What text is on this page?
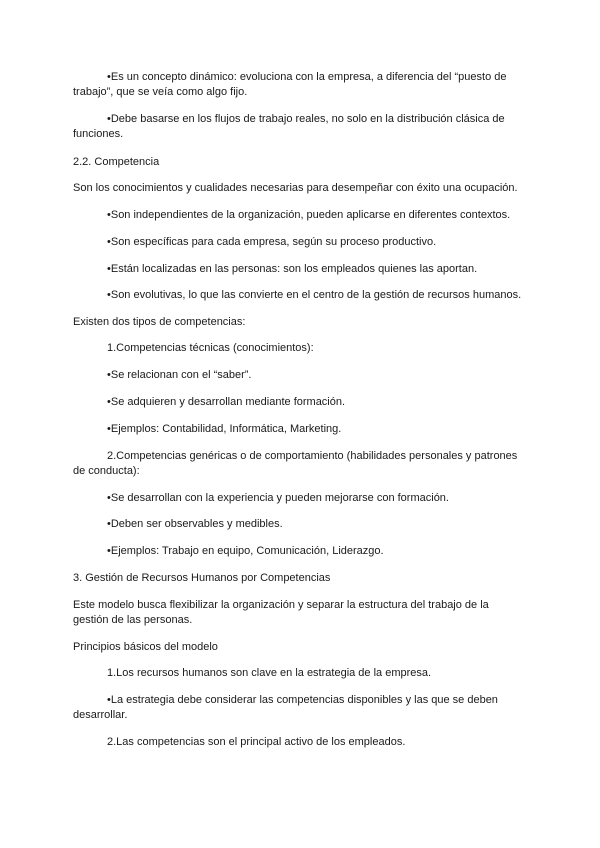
•Es un concepto dinámico: evoluciona con la empresa, a diferencia del “puesto de trabajo”, que se veía como algo fijo.

•Debe basarse en los flujos de trabajo reales, no solo en la distribución clásica de funciones.

2.2. Competencia

Son los conocimientos y cualidades necesarias para desempeñar con éxito una ocupación.

•Son independientes de la organización, pueden aplicarse en diferentes contextos.

•Son específicas para cada empresa, según su proceso productivo.

•Están localizadas en las personas: son los empleados quienes las aportan.

•Son evolutivas, lo que las convierte en el centro de la gestión de recursos humanos.

Existen dos tipos de competencias:

1.Competencias técnicas (conocimientos):

•Se relacionan con el “saber”.

•Se adquieren y desarrollan mediante formación.

•Ejemplos: Contabilidad, Informática, Marketing.

2.Competencias genéricas o de comportamiento (habilidades personales y patrones de conducta):

•Se desarrollan con la experiencia y pueden mejorarse con formación.

•Deben ser observables y medibles.

•Ejemplos: Trabajo en equipo, Comunicación, Liderazgo.

3. Gestión de Recursos Humanos por Competencias

Este modelo busca flexibilizar la organización y separar la estructura del trabajo de la gestión de las personas.

Principios básicos del modelo

1.Los recursos humanos son clave en la estrategia de la empresa.

•La estrategia debe considerar las competencias disponibles y las que se deben desarrollar.

2.Las competencias son el principal activo de los empleados.
